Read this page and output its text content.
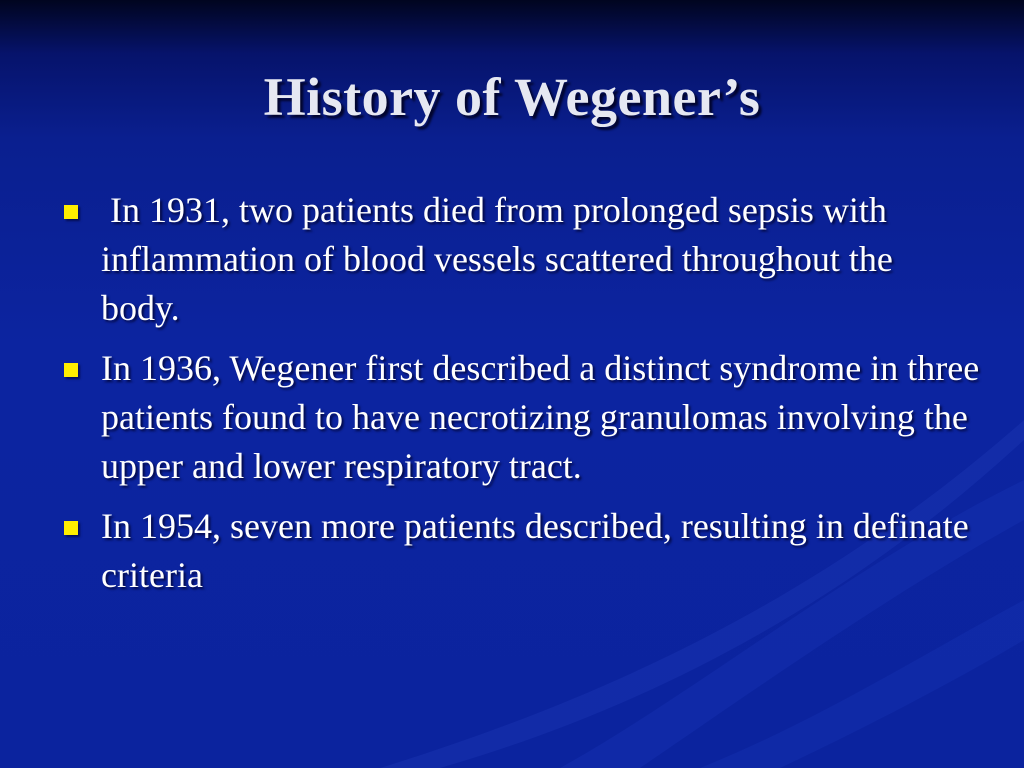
History of Wegener’s
In 1931, two patients died from prolonged sepsis with inflammation of blood vessels scattered throughout the body.
In 1936, Wegener first described a distinct syndrome in three patients found to have necrotizing granulomas involving the upper and lower respiratory tract.
In 1954, seven more patients described, resulting in definate criteria
